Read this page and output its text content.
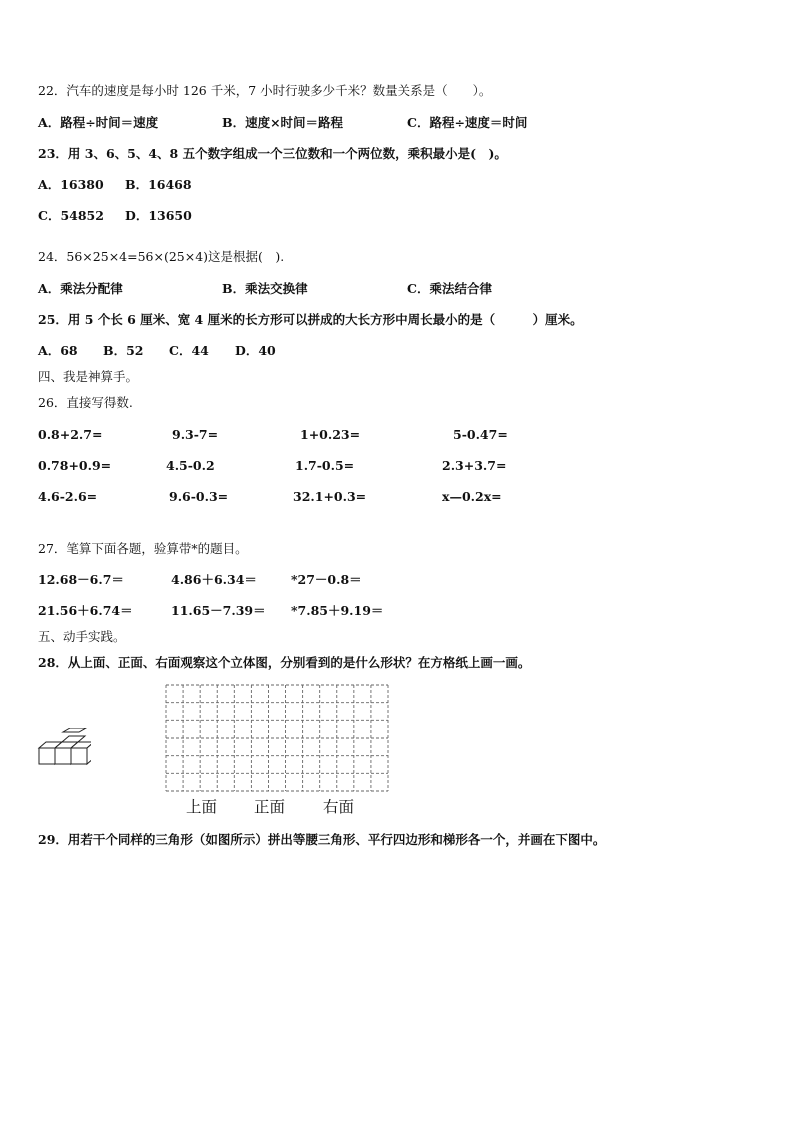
22．汽车的速度是每小时 126 千米，7 小时行驶多少千米？数量关系是（　　）。
A．路程÷时间＝速度	B．速度×时间＝路程	C．路程÷速度＝时间
23．用 3、6、5、4、8 五个数字组成一个三位数和一个两位数，乘积最小是(　)。
A．16380 B．16468
C．54852 D．13650
24．56×25×4=56×(25×4)这是根据(　).
A．乘法分配律	B．乘法交换律	C．乘法结合律
25．用 5 个长 6 厘米、宽 4 厘米的长方形可以拼成的大长方形中周长最小的是（　　　）厘米。
A．68 B．52 C．44 D．40
四、我是神算手。
26．直接写得数.
0.8+2.7=	9.3-7=	1+0.23=	5-0.47=
0.78+0.9=	4.5-0.2	1.7-0.5=	2.3+3.7=
4.6-2.6=	9.6-0.3=	32.1+0.3=	x—0.2x=
27．笔算下面各题，验算带*的题目。
12.68－6.7＝	4.86＋6.34＝	*27－0.8＝
21.56＋6.74＝	11.65－7.39＝ *7.85＋9.19＝
五、动手实践。
28．从上面、正面、右面观察这个立体图，分别看到的是什么形状？在方格纸上画一画。
上面 正面 右面
29．用若干个同样的三角形（如图所示）拼出等腰三角形、平行四边形和梯形各一个，并画在下图中。
